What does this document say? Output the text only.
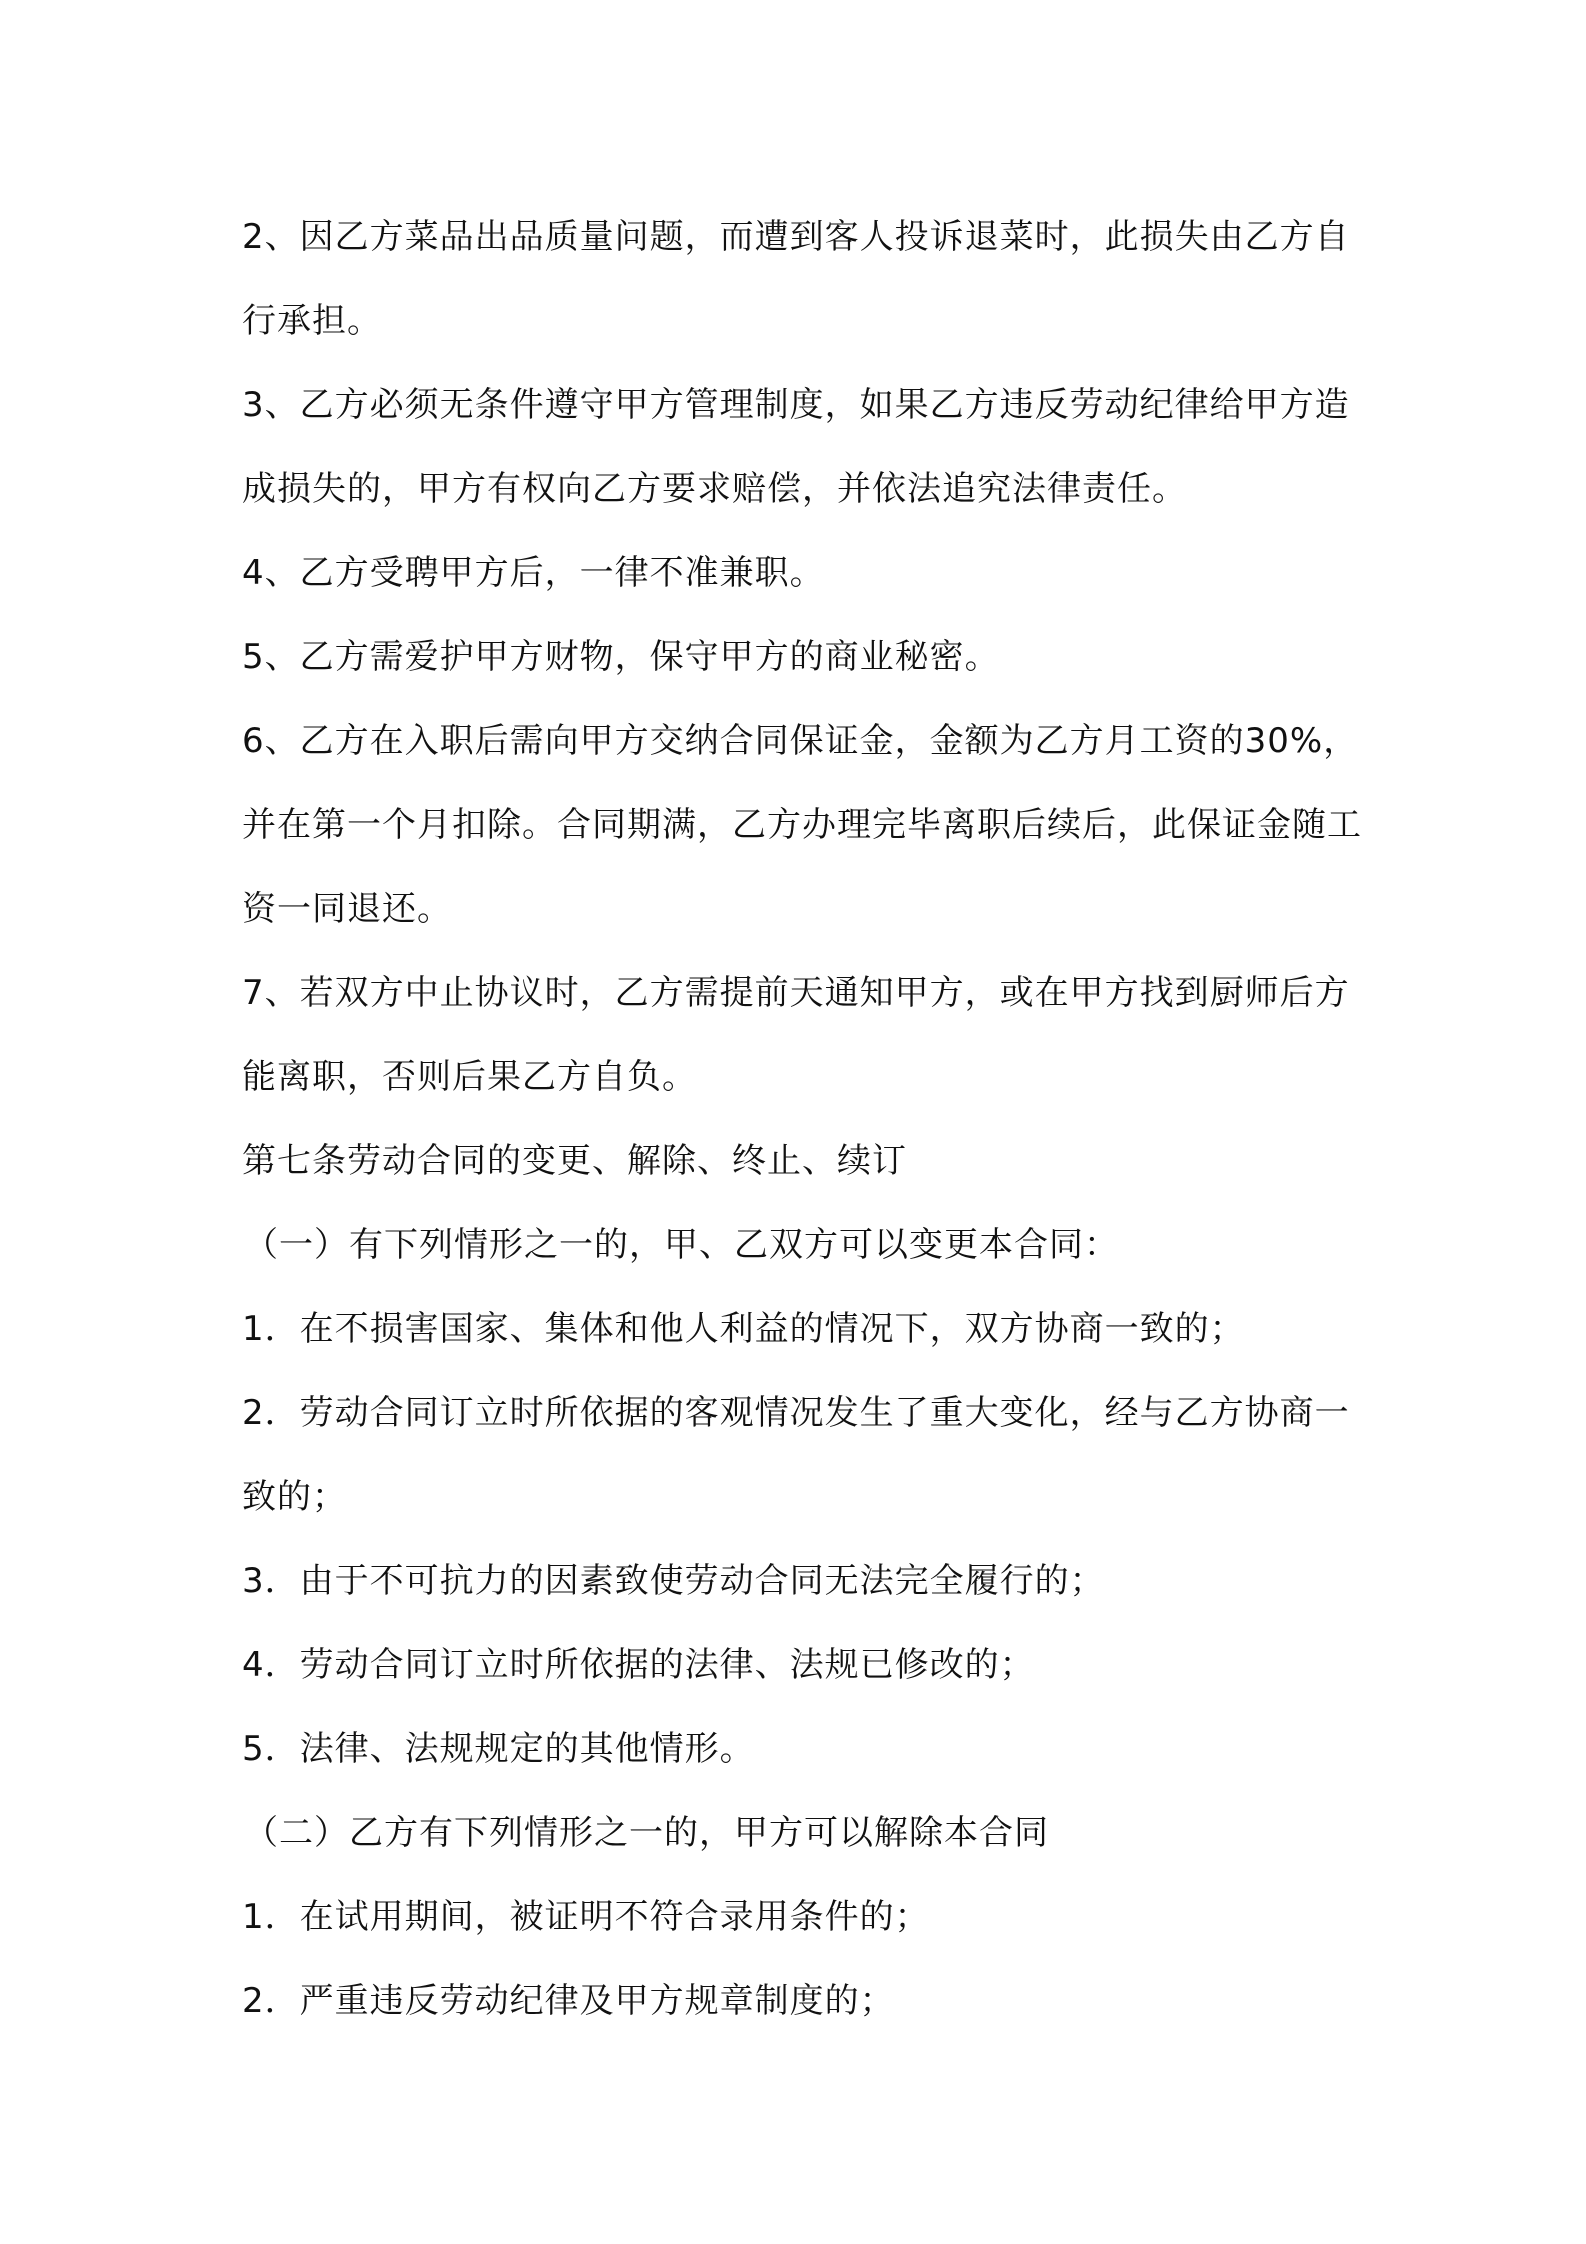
2、因乙方菜品出品质量问题，而遭到客人投诉退菜时，此损失由乙方自行承担。

3、乙方必须无条件遵守甲方管理制度，如果乙方违反劳动纪律给甲方造成损失的，甲方有权向乙方要求赔偿，并依法追究法律责任。

4、乙方受聘甲方后，一律不准兼职。

5、乙方需爱护甲方财物，保守甲方的商业秘密。

6、乙方在入职后需向甲方交纳合同保证金，金额为乙方月工资的30%，并在第一个月扣除。合同期满，乙方办理完毕离职后续后，此保证金随工资一同退还。

7、若双方中止协议时，乙方需提前天通知甲方，或在甲方找到厨师后方能离职，否则后果乙方自负。

第七条劳动合同的变更、解除、终止、续订

（一）有下列情形之一的，甲、乙双方可以变更本合同：

1．在不损害国家、集体和他人利益的情况下，双方协商一致的；

2．劳动合同订立时所依据的客观情况发生了重大变化，经与乙方协商一致的；

3．由于不可抗力的因素致使劳动合同无法完全履行的；

4．劳动合同订立时所依据的法律、法规已修改的；

5．法律、法规规定的其他情形。

（二）乙方有下列情形之一的，甲方可以解除本合同

1．在试用期间，被证明不符合录用条件的；

2．严重违反劳动纪律及甲方规章制度的；
